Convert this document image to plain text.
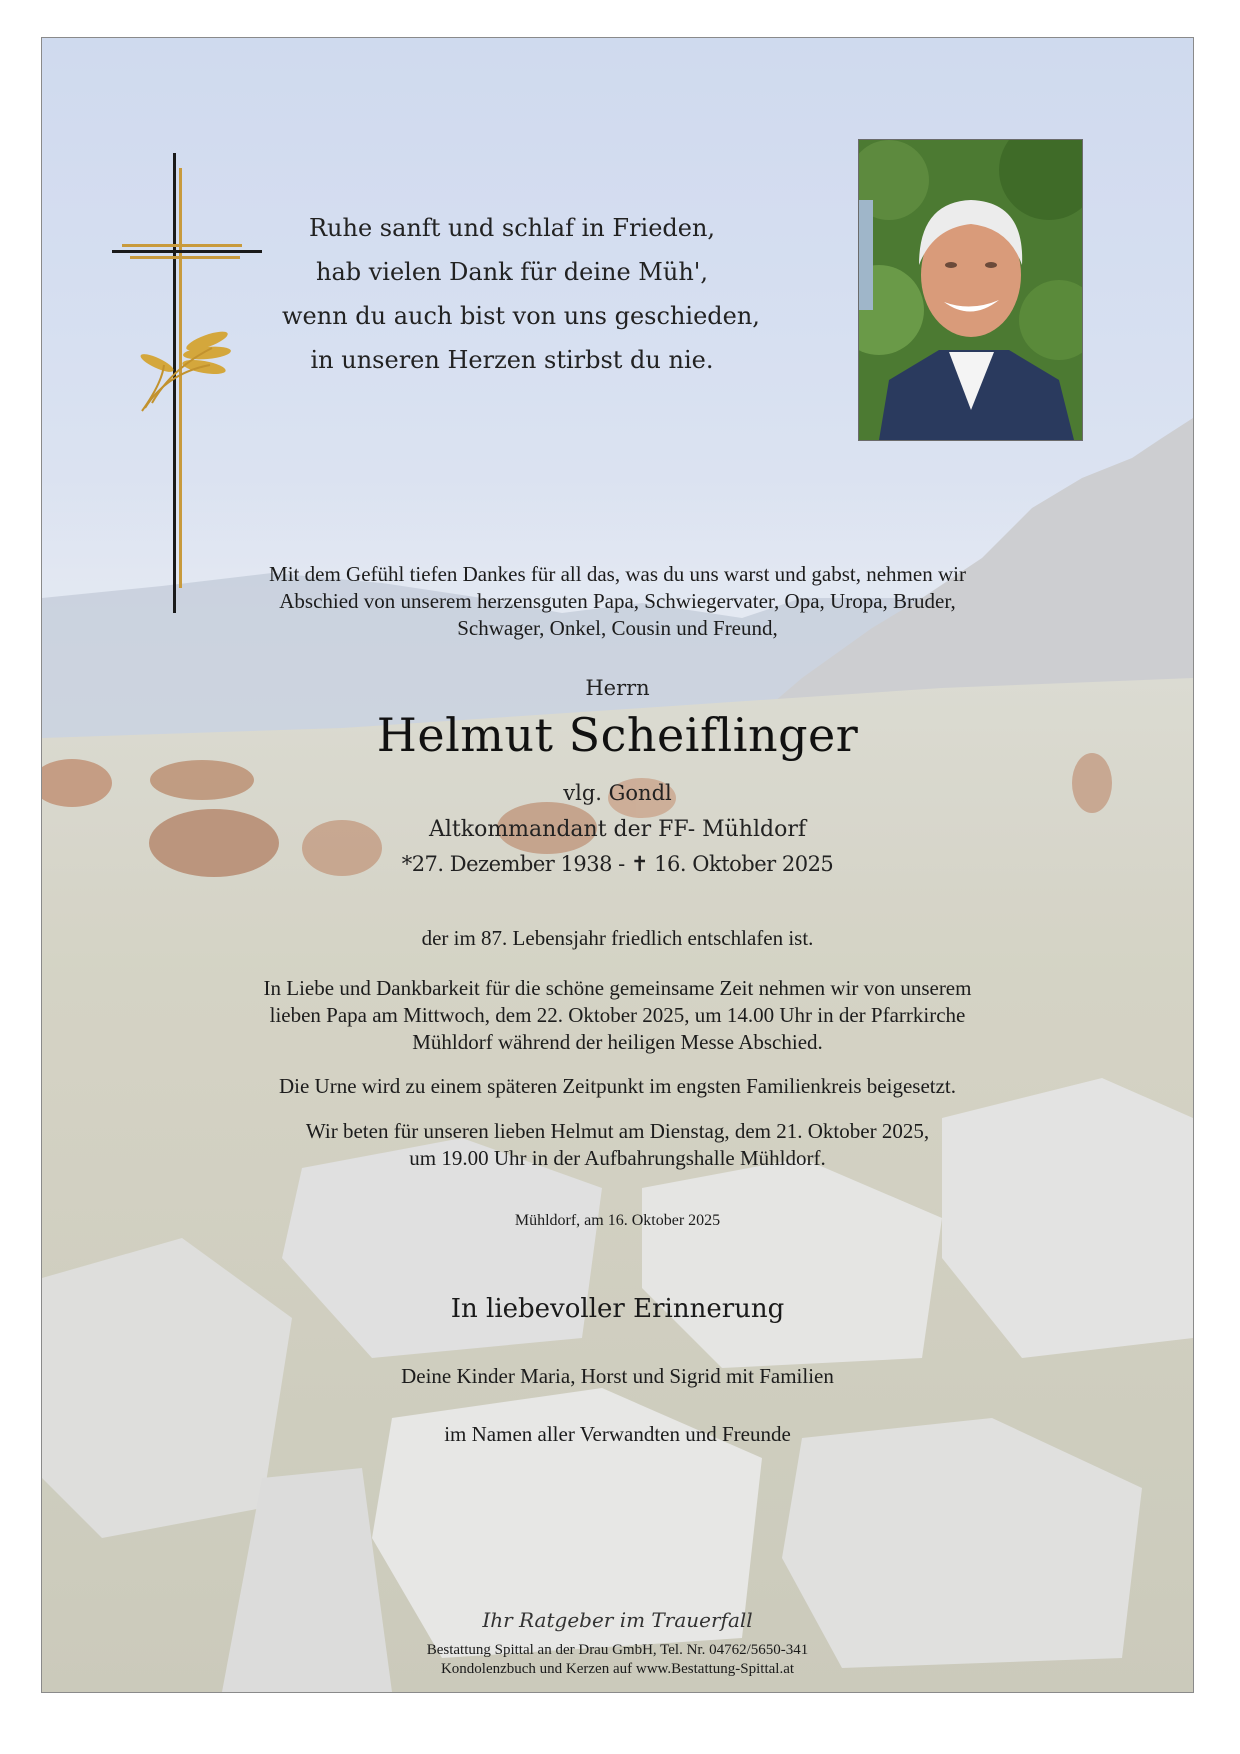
Ruhe sanft und schlaf in Frieden,
hab vielen Dank für deine Müh',
wenn du auch bist von uns geschieden,
in unseren Herzen stirbst du nie.
Mit dem Gefühl tiefen Dankes für all das, was du uns warst und gabst, nehmen wir
Abschied von unserem herzensguten Papa, Schwiegervater, Opa, Uropa, Bruder,
Schwager, Onkel, Cousin und Freund,
Herrn
Helmut Scheiflinger
vlg. Gondl
Altkommandant der FF- Mühldorf
*27. Dezember 1938 - ✝ 16. Oktober 2025
der im 87. Lebensjahr friedlich entschlafen ist.
In Liebe und Dankbarkeit für die schöne gemeinsame Zeit nehmen wir von unserem
lieben Papa am Mittwoch, dem 22. Oktober 2025, um 14.00 Uhr in der Pfarrkirche
Mühldorf während der heiligen Messe Abschied.
Die Urne wird zu einem späteren Zeitpunkt im engsten Familienkreis beigesetzt.
Wir beten für unseren lieben Helmut am Dienstag, dem 21. Oktober 2025,
um 19.00 Uhr in der Aufbahrungshalle Mühldorf.
Mühldorf, am 16. Oktober 2025
In liebevoller Erinnerung
Deine Kinder Maria, Horst und Sigrid mit Familien
im Namen aller Verwandten und Freunde
Ihr Ratgeber im Trauerfall
Bestattung Spittal an der Drau GmbH, Tel. Nr. 04762/5650-341
Kondolenzbuch und Kerzen auf www.Bestattung-Spittal.at
